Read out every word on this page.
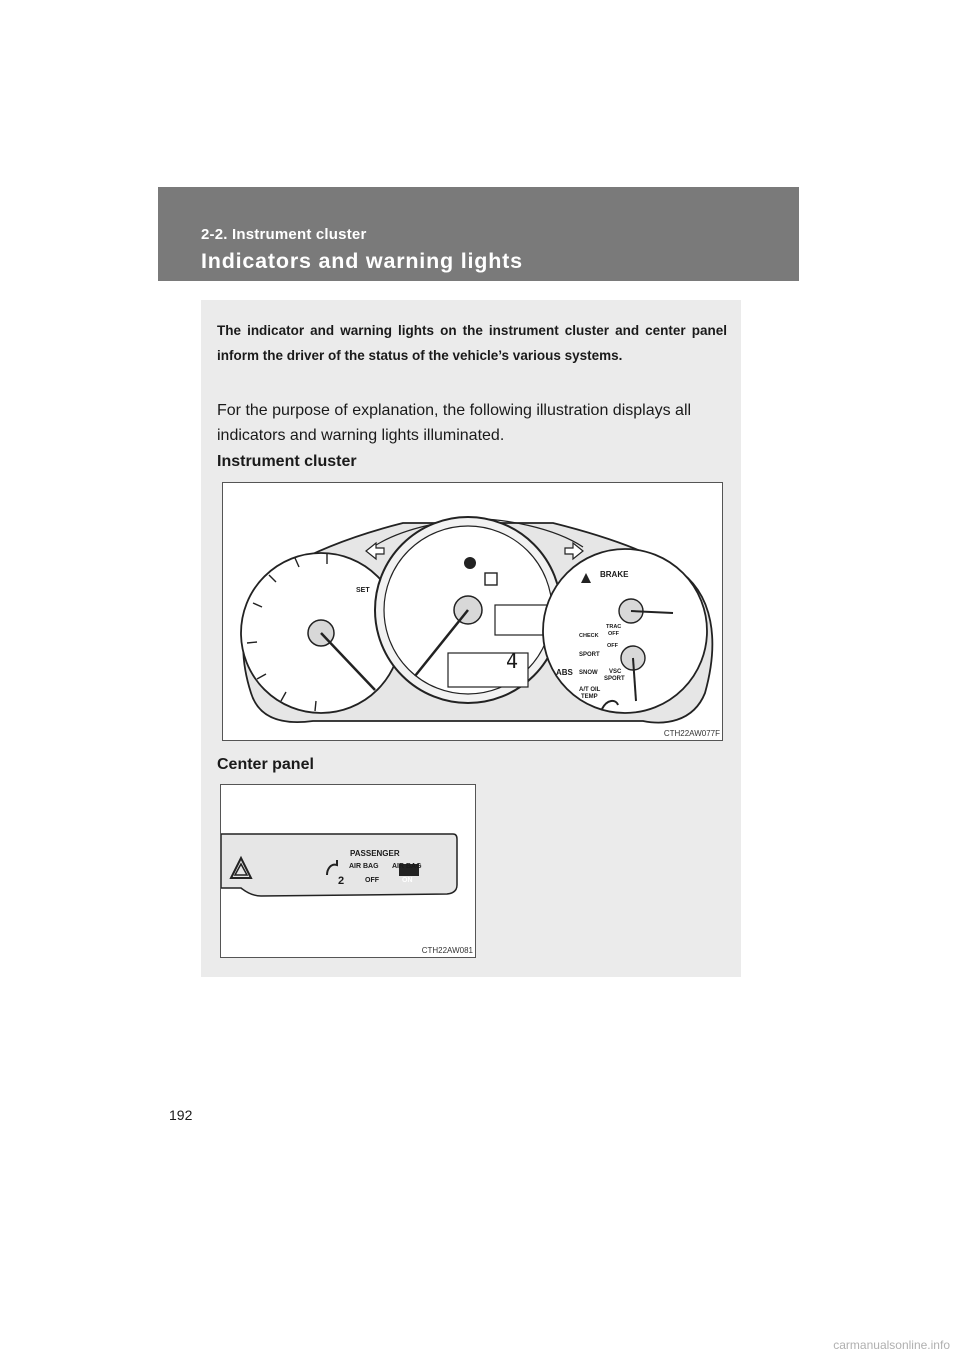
2-2. Instrument cluster
Indicators and warning lights

The indicator and warning lights on the instrument cluster and center panel inform the driver of the status of the vehicle’s various systems.

For the purpose of explanation, the following illustration displays all indicators and warning lights illuminated.

Instrument cluster
SET
4
BRAKE
CHECK
TRAC
OFF
OFF
SPORT
SNOW
ABS	VSC
SPORT
A/T OIL
TEMP
CTH22AW077F
Center panel
PASSENGER
AIR BAG AIR BAG
2	OFF	ON
CTH22AW081
192
carmanualsonline.info
